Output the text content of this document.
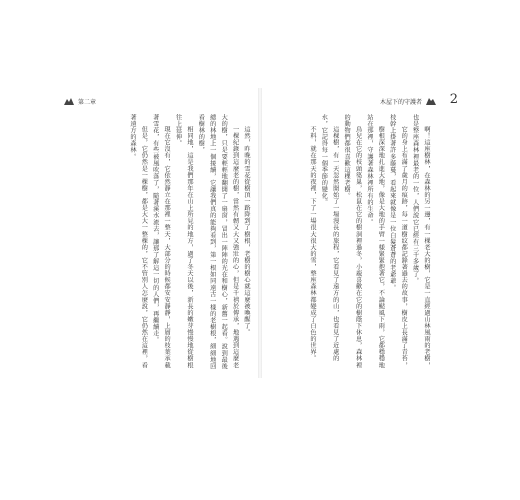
第二章

這然，昨晚的雪花從樹頂一路降到了樹根，老樹的樹心就這麼被喚醒了。

一棵紀錄到這麼老的樹，當然有韌又大又強壯的心，但是千禧於傳承，地遇到這麼老大的樹，只是要輕輕地翻開了一扇窗，冒出一陣陣的光在和樹心，新舊一起看。說到最後總的林地上一個接續，它讓我們真的能夠看到，第一根如同遠古一樣的老樹根，細細地回看樹林的樹，

相同地，這是我們那年在山上所見的地方，過了冬天以後，新長的嫩芽慢慢地從樹根往上延伸。

現在它沒有，它依然靜立在那裡一整天，大部分的時候都安安靜靜，上層的枝葉承載著雪花，有些被風吹落了，隨著溪水流去，讓那了解這一切的人們，再繼續走。

但是，它仍然是一棵樹，都是大大一整棵的，它不管別人怎麼說，它仍然在這裡，看著遠方的森林。

木屋下的守護者 2

啊！這座樹林，在森林的另一邊，有一棵老大的樹，它是一直經過山林風雨的老樹，也是整座森林裡最老的一位，人們說它已經有三千多歲了。

它的身上布滿了歲月的痕跡，每一道樹紋都記錄著過去的故事，樹皮上長滿了青苔，枝幹上掛著許多藤蔓，看起來就像是一位白髮蒼蒼的老爺爺。

樹根深深地扎進大地，像是大地的手臂一樣緊緊抱著它，不論颳風下雨，它都穩穩地站在那裡，守護著森林裡所有的生命。

鳥兒在它的枝頭築巢，松鼠在它的樹洞裡過冬，小鹿喜歡在它的樹蔭下休息，森林裡的動物們都很喜歡這棵老樹。

這棵樹，有一天忽然開始了一場漫長的旅程，它看見了遠方的山，也看見了近處的水，它記得每一個季節的變化。

不料，就在那天的夜裡，下了一場很大很大的雪，整座森林都變成了白色的世界。
